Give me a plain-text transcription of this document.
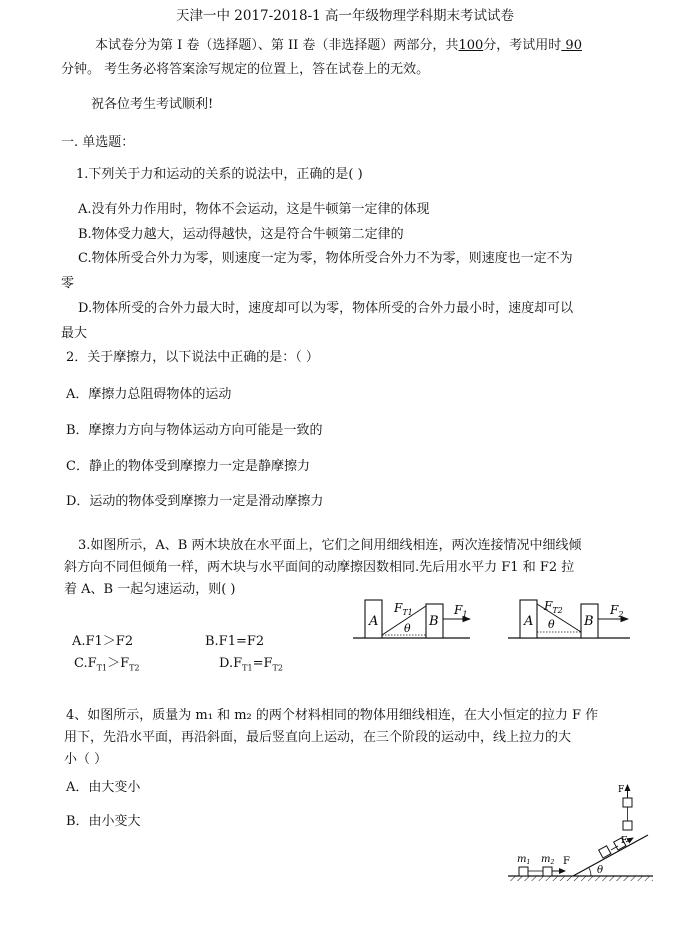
天津一中 2017-2018-1 高一年级物理学科期末考试试卷
本试卷分为第 I 卷（选择题）、第 II 卷（非选择题）两部分，共100分，考试用时 90
分钟。 考生务必将答案涂写规定的位置上，答在试卷上的无效。
祝各位考生考试顺利!
一. 单选题：
1.下列关于力和运动的关系的说法中，正确的是( )
A.没有外力作用时，物体不会运动，这是牛顿第一定律的体现
B.物体受力越大，运动得越快，这是符合牛顿第二定律的
C.物体所受合外力为零，则速度一定为零，物体所受合外力不为零，则速度也一定不为
零
D.物体所受的合外力最大时，速度却可以为零，物体所受的合外力最小时，速度却可以
最大
2．关于摩擦力，以下说法中正确的是：（ ）
A．摩擦力总阻碍物体的运动
B．摩擦力方向与物体运动方向可能是一致的
C．静止的物体受到摩擦力一定是静摩擦力
D．运动的物体受到摩擦力一定是滑动摩擦力
3.如图所示，A、B 两木块放在水平面上，它们之间用细线相连，两次连接情况中细线倾
斜方向不同但倾角一样，两木块与水平面间的动摩擦因数相同.先后用水平力 F1 和 F2 拉
着 A、B 一起匀速运动，则( )
A.F1＞F2	B.F1=F2
$C.F_{T1}>F_{T2}$	$D.F_{T1}=F_{T2}$
A	B
θ
$F_{T1}$	$F_1$	A	B
θ
$F_{T2}$	$F_2$
4、如图所示，质量为 m₁ 和 m₂ 的两个材料相同的物体用细线相连，在大小恒定的拉力 F 作
用下，先沿水平面，再沿斜面，最后竖直向上运动，在三个阶段的运动中，线上拉力的大
小（ ）
A．由大变小
B．由小变大
θ
$m_1$ $m_2$ F
F
F
